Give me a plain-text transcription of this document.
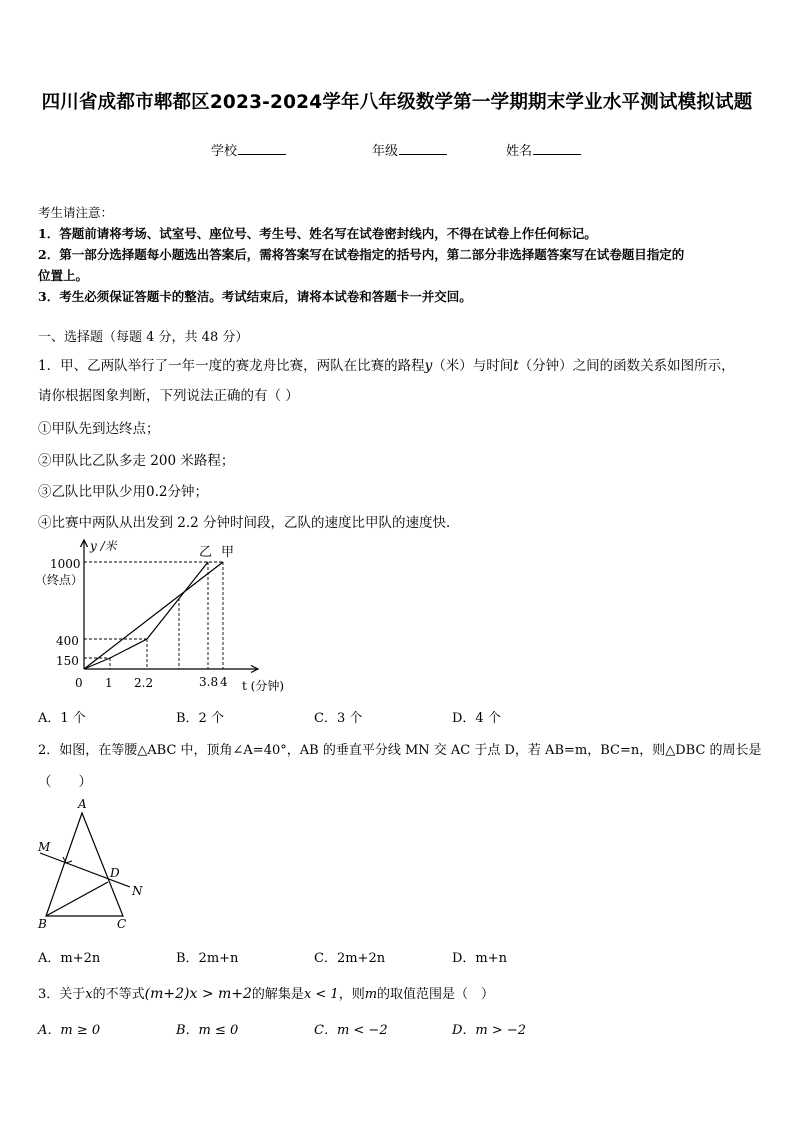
四川省成都市郫都区2023-2024学年八年级数学第一学期期末学业水平测试模拟试题
学校	年级	姓名
考生请注意：
1．答题前请将考场、试室号、座位号、考生号、姓名写在试卷密封线内，不得在试卷上作任何标记。
2．第一部分选择题每小题选出答案后，需将答案写在试卷指定的括号内，第二部分非选择题答案写在试卷题目指定的
位置上。
3．考生必须保证答题卡的整洁。考试结束后，请将本试卷和答题卡一并交回。
一、选择题（每题 4 分，共 48 分）
1．甲、乙两队举行了一年一度的赛龙舟比赛，两队在比赛的路程y（米）与时间t（分钟）之间的函数关系如图所示，
请你根据图象判断，下列说法正确的有（ ）
①甲队先到达终点；
②甲队比乙队多走 200 米路程；
③乙队比甲队少用0.2分钟；
④比赛中两队从出发到 2.2 分钟时间段，乙队的速度比甲队的速度快．
y /米
t (分钟)
1000
（终点）
400
150
0 1 2.2	3.8 4
乙 甲
A．1 个	B．2 个	C．3 个	D．4 个
2．如图，在等腰△ABC 中，顶角∠A=40°，AB 的垂直平分线 MN 交 AC 于点 D，若 AB=m，BC=n，则△DBC 的周长是
（　　）
A
M
D
N
B	C
A．m+2n	B．2m+n	C．2m+2n	D．m+n
3．关于x的不等式(m+2)x > m+2的解集是x < 1，则m的取值范围是（　）
A．m ≥ 0	B．m ≤ 0	C．m < −2	D．m > −2
